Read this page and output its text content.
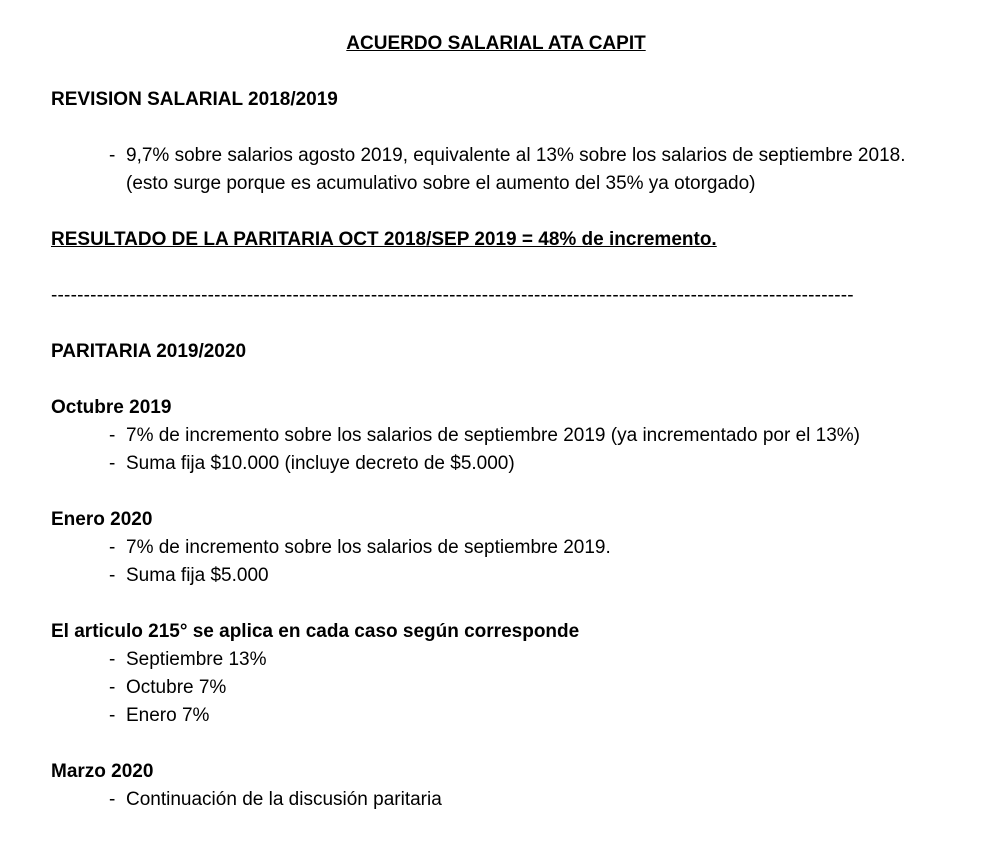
ACUERDO SALARIAL ATA CAPIT
REVISION SALARIAL 2018/2019
- 9,7% sobre salarios agosto 2019, equivalente al 13% sobre los salarios de septiembre 2018. (esto surge porque es acumulativo sobre el aumento del 35% ya otorgado)
RESULTADO DE LA PARITARIA OCT 2018/SEP 2019 = 48% de incremento.
---------------------------------------------------------------------------------------------------------------------------
PARITARIA 2019/2020
Octubre 2019
- 7% de incremento sobre los salarios de septiembre 2019 (ya incrementado por el 13%)
- Suma fija $10.000 (incluye decreto de $5.000)
Enero 2020
- 7% de incremento sobre los salarios de septiembre 2019.
- Suma fija $5.000
El articulo 215° se aplica en cada caso según corresponde
- Septiembre 13%
- Octubre 7%
- Enero 7%
Marzo 2020
- Continuación de la discusión paritaria
